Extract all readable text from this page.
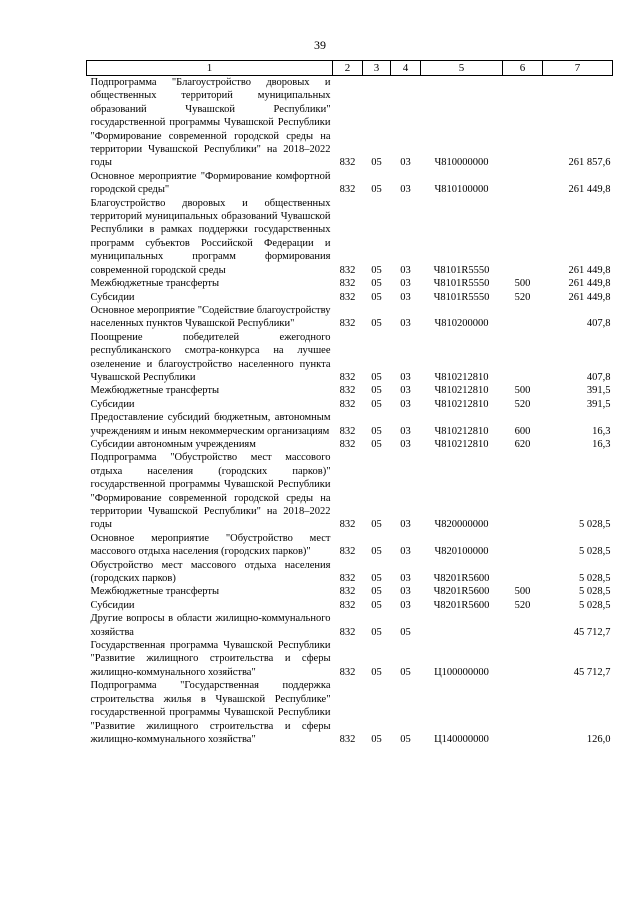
39
1	2	3	4	5	6	7
Подпрограмма "Благоустройство дворовых и общественных территорий муниципальных образований Чувашской Республики" государственной программы Чувашской Республики "Формирование современной городской среды на территории Чувашской Республики" на 2018–2022 годы	832	05	03	Ч810000000		261 857,6
Основное мероприятие "Формирование комфортной городской среды"	832	05	03	Ч810100000		261 449,8
Благоустройство дворовых и общественных территорий муниципальных образований Чувашской Республики в рамках поддержки государственных программ субъектов Российской Федерации и муниципальных программ формирования современной городской среды	832	05	03	Ч8101R5550		261 449,8
Межбюджетные трансферты	832	05	03	Ч8101R5550	500	261 449,8
Субсидии	832	05	03	Ч8101R5550	520	261 449,8
Основное мероприятие "Содействие благоустройству населенных пунктов Чувашской Республики"	832	05	03	Ч810200000		407,8
Поощрение победителей ежегодного республиканского смотра-конкурса на лучшее озеленение и благоустройство населенного пункта Чувашской Республики	832	05	03	Ч810212810		407,8
Межбюджетные трансферты	832	05	03	Ч810212810	500	391,5
Субсидии	832	05	03	Ч810212810	520	391,5
Предоставление субсидий бюджетным, автономным учреждениям и иным некоммерческим организациям	832	05	03	Ч810212810	600	16,3
Субсидии автономным учреждениям	832	05	03	Ч810212810	620	16,3
Подпрограмма "Обустройство мест массового отдыха населения (городских парков)" государственной программы Чувашской Республики "Формирование современной городской среды на территории Чувашской Республики" на 2018–2022 годы	832	05	03	Ч820000000		5 028,5
Основное мероприятие "Обустройство мест массового отдыха населения (городских парков)"	832	05	03	Ч820100000		5 028,5
Обустройство мест массового отдыха населения (городских парков)	832	05	03	Ч8201R5600		5 028,5
Межбюджетные трансферты	832	05	03	Ч8201R5600	500	5 028,5
Субсидии	832	05	03	Ч8201R5600	520	5 028,5
Другие вопросы в области жилищно-коммунального хозяйства	832	05	05			45 712,7
Государственная программа Чувашской Республики "Развитие жилищного строительства и сферы жилищно-коммунального хозяйства"	832	05	05	Ц100000000		45 712,7
Подпрограмма "Государственная поддержка строительства жилья в Чувашской Республике" государственной программы Чувашской Республики "Развитие жилищного строительства и сферы жилищно-коммунального хозяйства"	832	05	05	Ц140000000		126,0
